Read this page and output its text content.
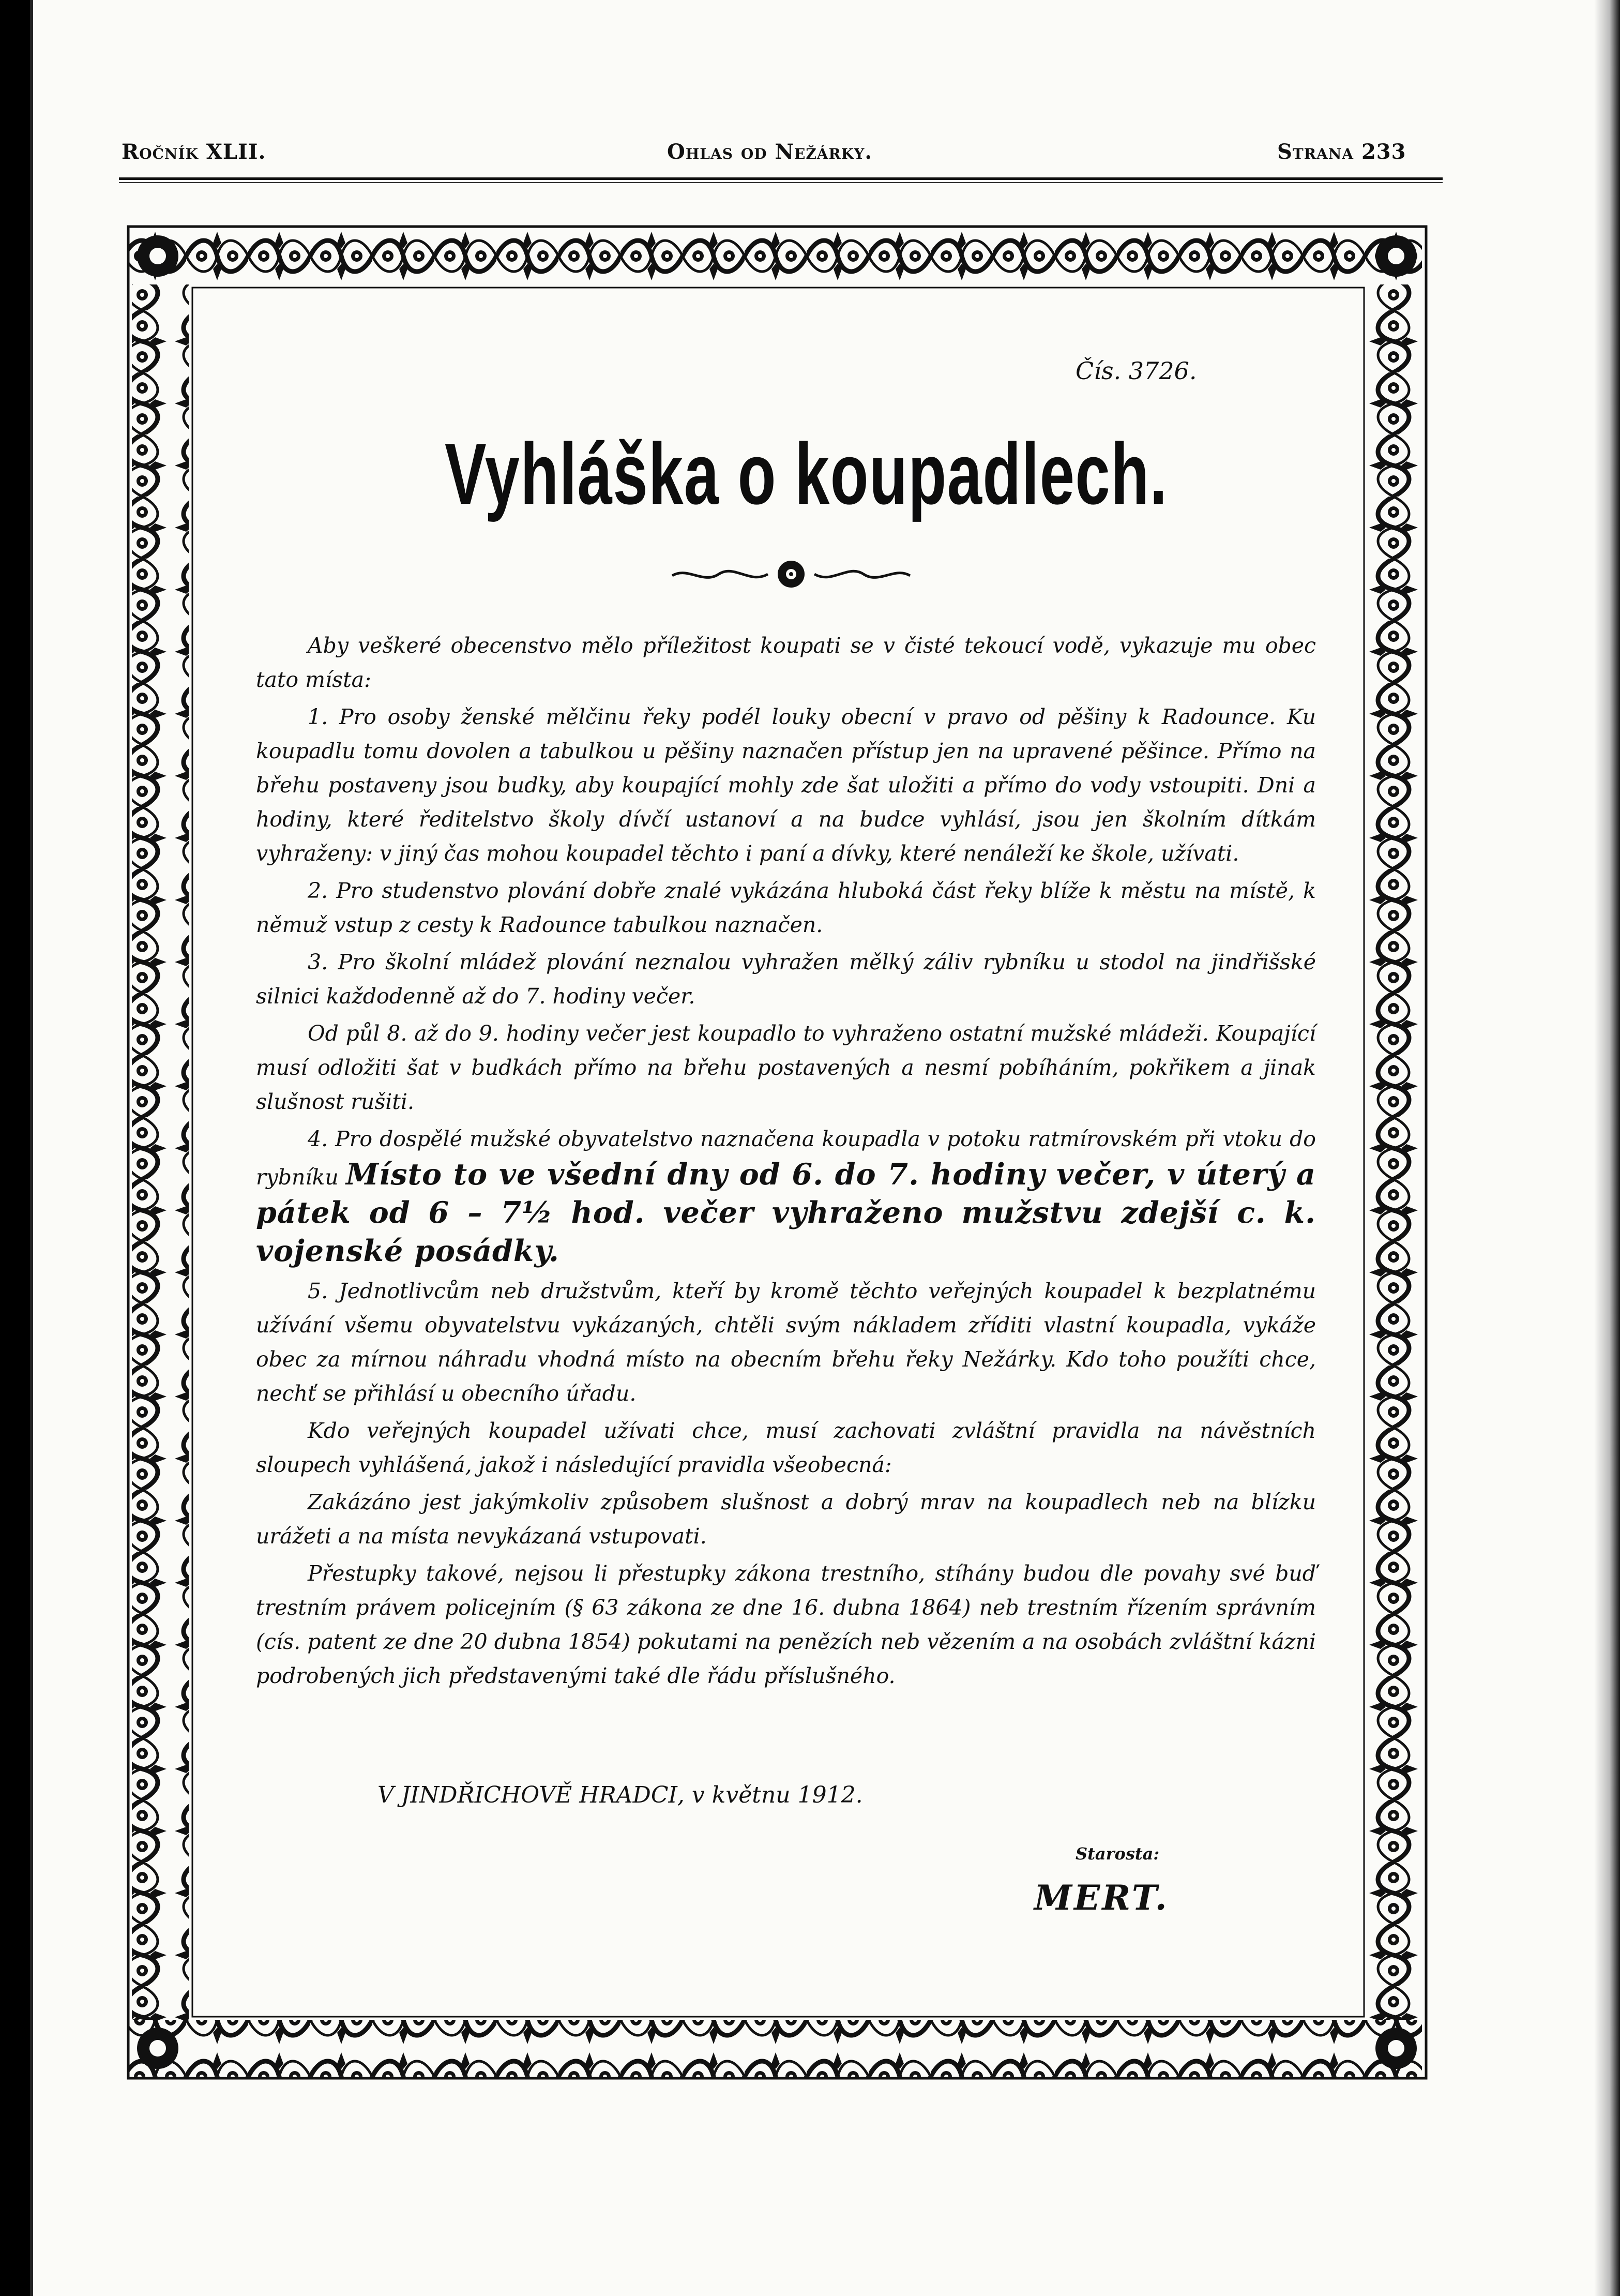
Ročník XLII.	Ohlas od Nežárky.	Strana 233
Čís. 3726.
Vyhláška o koupadlech.

Aby veškeré obecenstvo mělo příležitost koupati se v čisté tekoucí vodě, vykazuje mu obec tato místa:

1. Pro osoby ženské mělčinu řeky podél louky obecní v pravo od pěšiny k Radounce. Ku koupadlu tomu dovolen a tabulkou u pěšiny naznačen přístup jen na upravené pěšince. Přímo na břehu postaveny jsou budky, aby koupající mohly zde šat uložiti a přímo do vody vstoupiti. Dni a hodiny, které ředitelstvo školy dívčí ustanoví a na budce vyhlásí, jsou jen školním dítkám vyhraženy: v jiný čas mohou koupadel těchto i paní a dívky, které nenáleží ke škole, užívati.

2. Pro studenstvo plování dobře znalé vykázána hluboká část řeky blíže k městu na místě, k němuž vstup z cesty k Radounce tabulkou naznačen.

3. Pro školní mládež plování neznalou vyhražen mělký záliv rybníku u stodol na jindřišské silnici každodenně až do 7. hodiny večer.

Od půl 8. až do 9. hodiny večer jest koupadlo to vyhraženo ostatní mužské mládeži. Koupající musí odložiti šat v budkách přímo na břehu postavených a nesmí pobíháním, pokřikem a jinak slušnost rušiti.

4. Pro dospělé mužské obyvatelstvo naznačena koupadla v potoku ratmírovském při vtoku do rybníku Místo to ve všední dny od 6. do 7. hodiny večer, v úterý a pátek od 6 – 7½ hod. večer vyhraženo mužstvu zdejší c. k. vojenské posádky.

5. Jednotlivcům neb družstvům, kteří by kromě těchto veřejných koupadel k bezplatnému užívání všemu obyvatelstvu vykázaných, chtěli svým nákladem zříditi vlastní koupadla, vykáže obec za mírnou náhradu vhodná místo na obecním břehu řeky Nežárky. Kdo toho použíti chce, nechť se přihlásí u obecního úřadu.

Kdo veřejných koupadel užívati chce, musí zachovati zvláštní pravidla na návěstních sloupech vyhlášená, jakož i následující pravidla všeobecná:

Zakázáno jest jakýmkoliv způsobem slušnost a dobrý mrav na koupadlech neb na blízku urážeti a na místa nevykázaná vstupovati.

Přestupky takové, nejsou li přestupky zákona trestního, stíhány budou dle povahy své buď trestním právem policejním (§ 63 zákona ze dne 16. dubna 1864) neb trestním řízením správním (cís. patent ze dne 20 dubna 1854) pokutami na penězích neb vězením a na osobách zvláštní kázni podrobených jich představenými také dle řádu příslušného.

V JINDŘICHOVĚ HRADCI, v květnu 1912.
Starosta:
MERT.
